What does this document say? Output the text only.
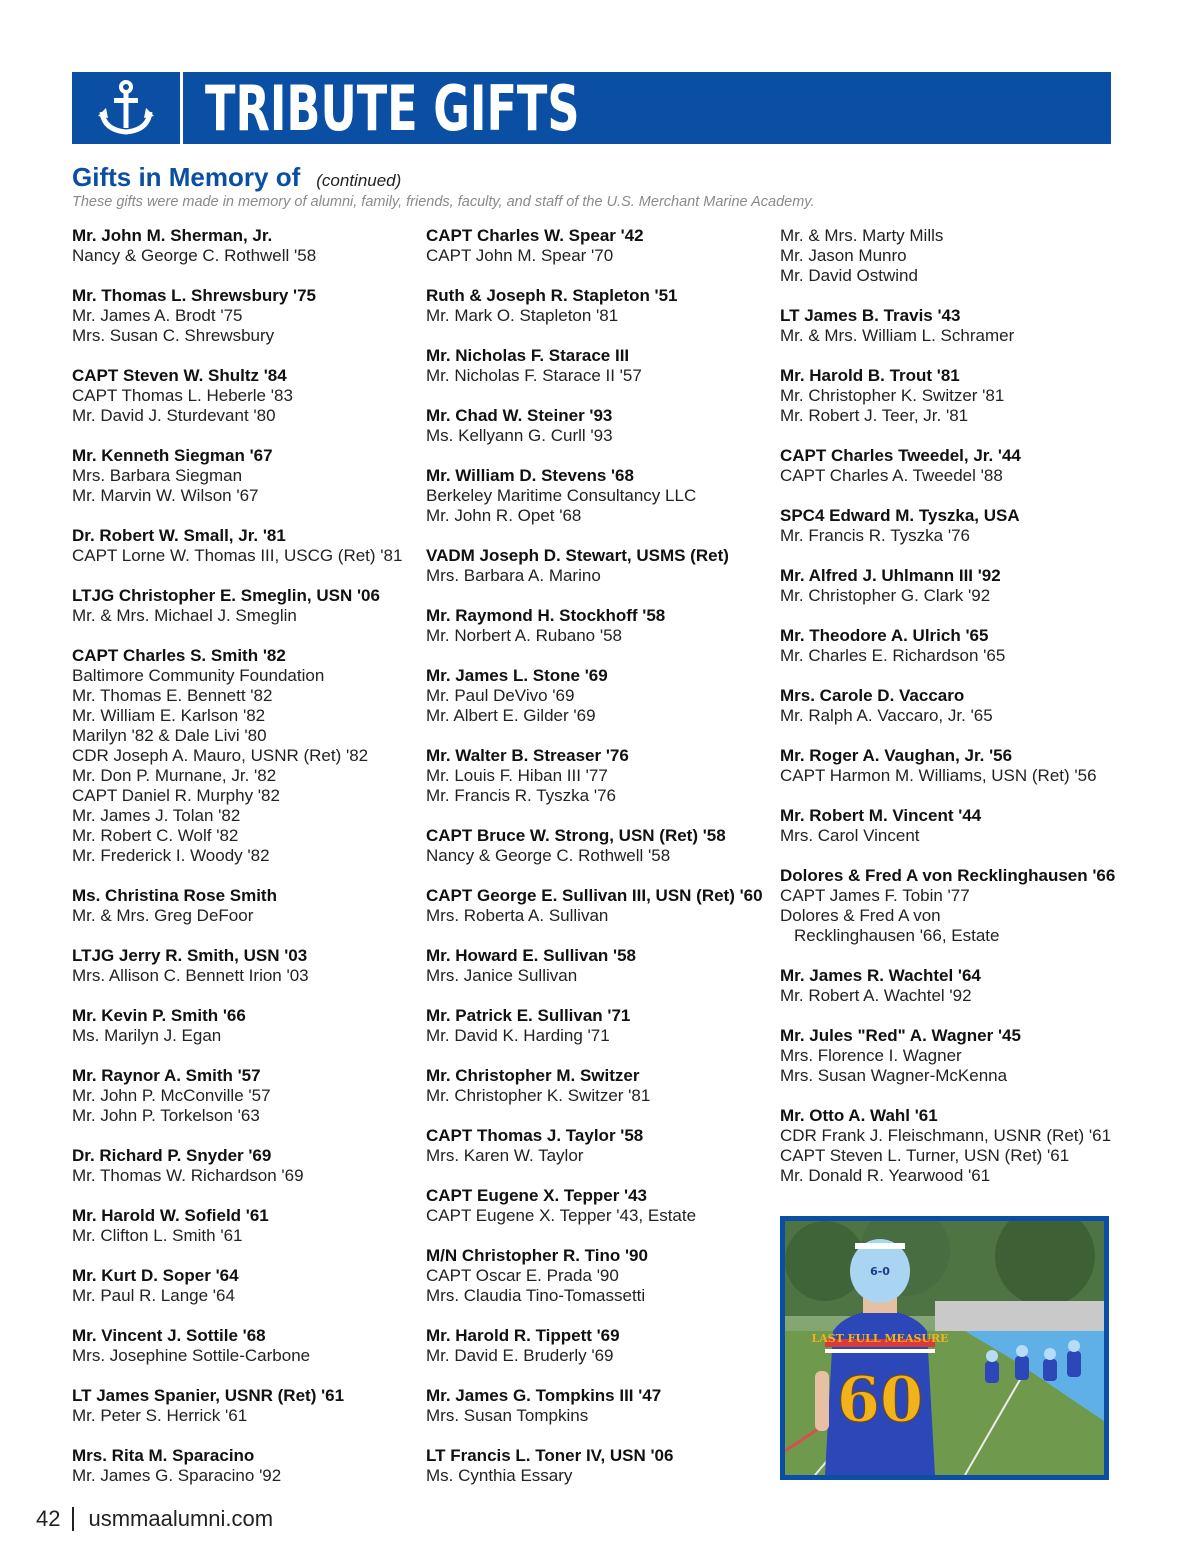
TRIBUTE GIFTS
Gifts in Memory of (continued)
These gifts were made in memory of alumni, family, friends, faculty, and staff of the U.S. Merchant Marine Academy.
Mr. John M. Sherman, Jr.
Nancy & George C. Rothwell '58
Mr. Thomas L. Shrewsbury '75
Mr. James A. Brodt '75
Mrs. Susan C. Shrewsbury
CAPT Steven W. Shultz '84
CAPT Thomas L. Heberle '83
Mr. David J. Sturdevant '80
Mr. Kenneth Siegman '67
Mrs. Barbara Siegman
Mr. Marvin W. Wilson '67
Dr. Robert W. Small, Jr. '81
CAPT Lorne W. Thomas III, USCG (Ret) '81
LTJG Christopher E. Smeglin, USN '06
Mr. & Mrs. Michael J. Smeglin
CAPT Charles S. Smith '82
Baltimore Community Foundation
Mr. Thomas E. Bennett '82
Mr. William E. Karlson '82
Marilyn '82 & Dale Livi '80
CDR Joseph A. Mauro, USNR (Ret) '82
Mr. Don P. Murnane, Jr. '82
CAPT Daniel R. Murphy '82
Mr. James J. Tolan '82
Mr. Robert C. Wolf '82
Mr. Frederick I. Woody '82
Ms. Christina Rose Smith
Mr. & Mrs. Greg DeFoor
LTJG Jerry R. Smith, USN '03
Mrs. Allison C. Bennett Irion '03
Mr. Kevin P. Smith '66
Ms. Marilyn J. Egan
Mr. Raynor A. Smith '57
Mr. John P. McConville '57
Mr. John P. Torkelson '63
Dr. Richard P. Snyder '69
Mr. Thomas W. Richardson '69
Mr. Harold W. Sofield '61
Mr. Clifton L. Smith '61
Mr. Kurt D. Soper '64
Mr. Paul R. Lange '64
Mr. Vincent J. Sottile '68
Mrs. Josephine Sottile-Carbone
LT James Spanier, USNR (Ret) '61
Mr. Peter S. Herrick '61
Mrs. Rita M. Sparacino
Mr. James G. Sparacino '92
CAPT Charles W. Spear '42
CAPT John M. Spear '70
Ruth & Joseph R. Stapleton '51
Mr. Mark O. Stapleton '81
Mr. Nicholas F. Starace III
Mr. Nicholas F. Starace II '57
Mr. Chad W. Steiner '93
Ms. Kellyann G. Curll '93
Mr. William D. Stevens '68
Berkeley Maritime Consultancy LLC
Mr. John R. Opet '68
VADM Joseph D. Stewart, USMS (Ret)
Mrs. Barbara A. Marino
Mr. Raymond H. Stockhoff '58
Mr. Norbert A. Rubano '58
Mr. James L. Stone '69
Mr. Paul DeVivo '69
Mr. Albert E. Gilder '69
Mr. Walter B. Streaser '76
Mr. Louis F. Hiban III '77
Mr. Francis R. Tyszka '76
CAPT Bruce W. Strong, USN (Ret) '58
Nancy & George C. Rothwell '58
CAPT George E. Sullivan III, USN (Ret) '60
Mrs. Roberta A. Sullivan
Mr. Howard E. Sullivan '58
Mrs. Janice Sullivan
Mr. Patrick E. Sullivan '71
Mr. David K. Harding '71
Mr. Christopher M. Switzer
Mr. Christopher K. Switzer '81
CAPT Thomas J. Taylor '58
Mrs. Karen W. Taylor
CAPT Eugene X. Tepper '43
CAPT Eugene X. Tepper '43, Estate
M/N Christopher R. Tino '90
CAPT Oscar E. Prada '90
Mrs. Claudia Tino-Tomassetti
Mr. Harold R. Tippett '69
Mr. David E. Bruderly '69
Mr. James G. Tompkins III '47
Mrs. Susan Tompkins
LT Francis L. Toner IV, USN '06
Ms. Cynthia Essary
Mr. & Mrs. Marty Mills
Mr. Jason Munro
Mr. David Ostwind
LT James B. Travis '43
Mr. & Mrs. William L. Schramer
Mr. Harold B. Trout '81
Mr. Christopher K. Switzer '81
Mr. Robert J. Teer, Jr. '81
CAPT Charles Tweedel, Jr. '44
CAPT Charles A. Tweedel '88
SPC4 Edward M. Tyszka, USA
Mr. Francis R. Tyszka '76
Mr. Alfred J. Uhlmann III '92
Mr. Christopher G. Clark '92
Mr. Theodore A. Ulrich '65
Mr. Charles E. Richardson '65
Mrs. Carole D. Vaccaro
Mr. Ralph A. Vaccaro, Jr. '65
Mr. Roger A. Vaughan, Jr. '56
CAPT Harmon M. Williams, USN (Ret) '56
Mr. Robert M. Vincent '44
Mrs. Carol Vincent
Dolores & Fred A von Recklinghausen '66
CAPT James F. Tobin '77
Dolores & Fred A von
Recklinghausen '66, Estate
Mr. James R. Wachtel '64
Mr. Robert A. Wachtel '92
Mr. Jules "Red" A. Wagner '45
Mrs. Florence I. Wagner
Mrs. Susan Wagner-McKenna
Mr. Otto A. Wahl '61
CDR Frank J. Fleischmann, USNR (Ret) '61
CAPT Steven L. Turner, USN (Ret) '61
Mr. Donald R. Yearwood '61
LAST FULL MEASURE
60
6-0
42 usmmaalumni.com
